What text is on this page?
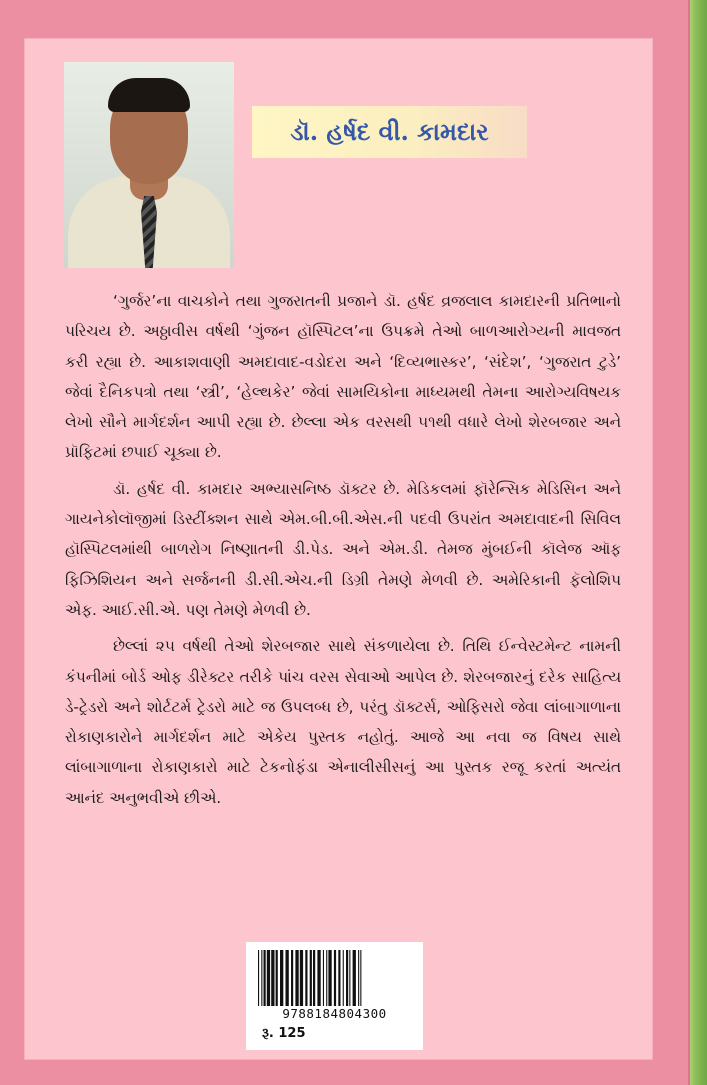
ડૉ. હર્ષદ વી. કામદાર

‘ગુર્જર’ના વાચકોને તથા ગુજરાતની પ્રજાને ડૉ. હર્ષદ વ્રજલાલ કામદારની પ્રતિભાનો પરિચય છે. અઠ્ઠાવીસ વર્ષથી ‘ગુંજન હૉસ્પિટલ’ના ઉપક્રમે તેઓ બાળઆરોગ્યની માવજત કરી રહ્યા છે. આકાશવાણી અમદાવાદ-વડોદરા અને ‘દિવ્યભાસ્કર’, ‘સંદેશ’, ‘ગુજરાત ટુડે’ જેવાં દૈનિકપત્રો તથા ‘સ્ત્રી’, ‘હેલ્થકેર’ જેવાં સામયિકોના માધ્યમથી તેમના આરોગ્યવિષયક લેખો સૌને માર્ગદર્શન આપી રહ્યા છે. છેલ્લા એક વરસથી ૫૧થી વધારે લેખો શેરબજાર અને પ્રૉફિટમાં છપાઈ ચૂક્યા છે.

ડૉ. હર્ષદ વી. કામદાર અભ્યાસનિષ્ઠ ડૉક્ટર છે. મેડિકલમાં ફૉરેન્સિક મેડિસિન અને ગાયનેકોલૉજીમાં ડિસ્ટીંક્શન સાથે એમ.બી.બી.એસ.ની પદવી ઉપરાંત અમદાવાદની સિવિલ હૉસ્પિટલમાંથી બાળરોગ નિષ્ણાતની ડી.પેડ. અને એમ.ડી. તેમજ મુંબઈની કૉલેજ ઑફ ફિઝિશિયન અને સર્જનની ડી.સી.એચ.ની ડિગ્રી તેમણે મેળવી છે. અમેરિકાની ફૅલોશિપ એફ. આઈ.સી.એ. પણ તેમણે મેળવી છે.

છેલ્લાં ૨૫ વર્ષથી તેઓ શેરબજાર સાથે સંકળાયેલા છે. તિથિ ઈન્વેસ્ટમેન્ટ નામની કંપનીમાં બોર્ડ ઓફ ડીરેક્ટર તરીકે પાંચ વરસ સેવાઓ આપેલ છે. શેરબજારનું દરેક સાહિત્ય ડે-ટ્રેડરો અને શોર્ટટર્મ ટ્રેડરો માટે જ ઉપલબ્ધ છે, પરંતુ ડૉક્ટર્સ, ઓફિસરો જેવા લાંબાગાળાના રોકાણકારોને માર્ગદર્શન માટે એકેય પુસ્તક નહોતું. આજે આ નવા જ વિષય સાથે લાંબાગાળાના રોકાણકારો માટે ટેકનોફંડા એનાલીસીસનું આ પુસ્તક રજૂ કરતાં અત્યંત આનંદ અનુભવીએ છીએ.

9788184804300
રૂ. 125
